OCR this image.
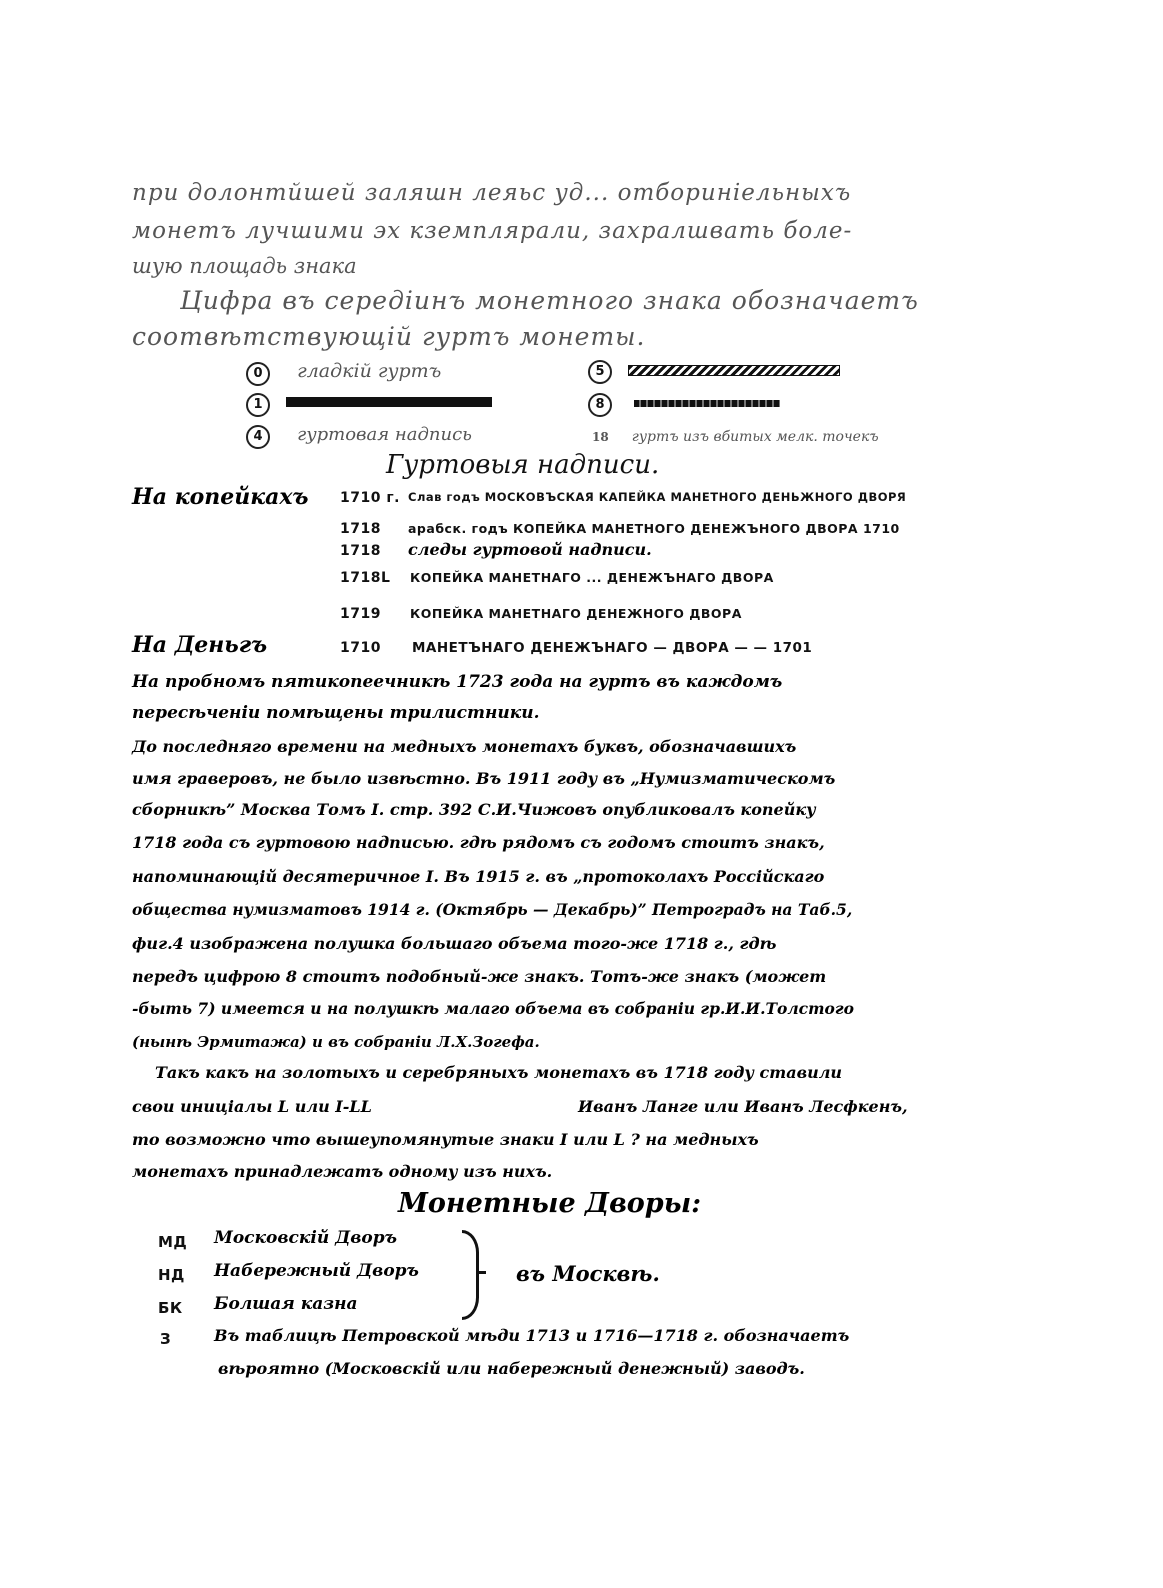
при долонтйшей заляшн леяьс уд... отбориніельныхъ
монетъ лучшими эх кземплярали, захралшвать боле-
шую площадь знака
Цифра въ середіинъ монетного знака обозначаетъ
соотвѣтствующій гуртъ монеты.
0 гладкій гуртъ	5
1	8
4 гуртовая надпись	18 гуртъ изъ вбитых мелк. точекъ
Гуртовыя надписи.
На копейкахъ 1710 г. Слав годъ МОСКОВЪСКАЯ КАПЕЙКА МАНЕТНОГО ДЕНЬЖНОГО ДВОРЯ
1718 арабск. годъ КОПЕЙКА МАНЕТНОГО ДЕНЕЖЪНОГО ДВОРА 1710
1718 следы гуртовой надписи.
1718L КОПЕЙКА МАНЕТНАГО ... ДЕНЕЖЪНАГО ДВОРА
1719 КОПЕЙКА МАНЕТНАГО ДЕНЕЖНОГО ДВОРА
На Деньгъ	1710 МАНЕТЪНАГО ДЕНЕЖЪНАГО — ДВОРА — — 1701
На пробномъ пятикопеечникѣ 1723 года на гуртъ въ каждомъ
пересѣченіи помѣщены трилистники.
До последняго времени на медныхъ монетахъ буквъ, обозначавшихъ
имя граверовъ, не было извѣстно. Въ 1911 году въ „Нумизматическомъ
сборникѣ” Москва Томъ I. стр. 392 С.И.Чижовъ опубликовалъ копейку
1718 года съ гуртовою надписью. гдѣ рядомъ съ годомъ стоитъ знакъ,
напоминающій десятеричное I. Въ 1915 г. въ „протоколахъ Россійскаго
общества нумизматовъ 1914 г. (Октябрь — Декабрь)” Петроградъ на Таб.5,
фиг.4 изображена полушка большаго объема того-же 1718 г., гдѣ
передъ цифрою 8 стоитъ подобный-же знакъ. Тотъ-же знакъ (может
-быть 7) имеется и на полушкѣ малаго объема въ собраніи гр.И.И.Толстого
(нынѣ Эрмитажа) и въ собраніи Л.Х.Зогефа.
Такъ какъ на золотыхъ и серебряныхъ монетахъ въ 1718 году ставили
свои иниціалы L или I-LL	Иванъ Ланге или Иванъ Лесфкенъ,
то возможно что вышеупомянутые знаки I или L ? на медныхъ
монетахъ принадлежатъ одному изъ нихъ.
Монетные Дворы:
МД Московскій Дворъ
НД Набережный Дворъ
БК Болшая казна
въ Москвѣ.
З	Въ таблицѣ Петровской мѣди 1713 и 1716—1718 г. обозначаетъ
вѣроятно (Московскій или набережный денежный) заводъ.
